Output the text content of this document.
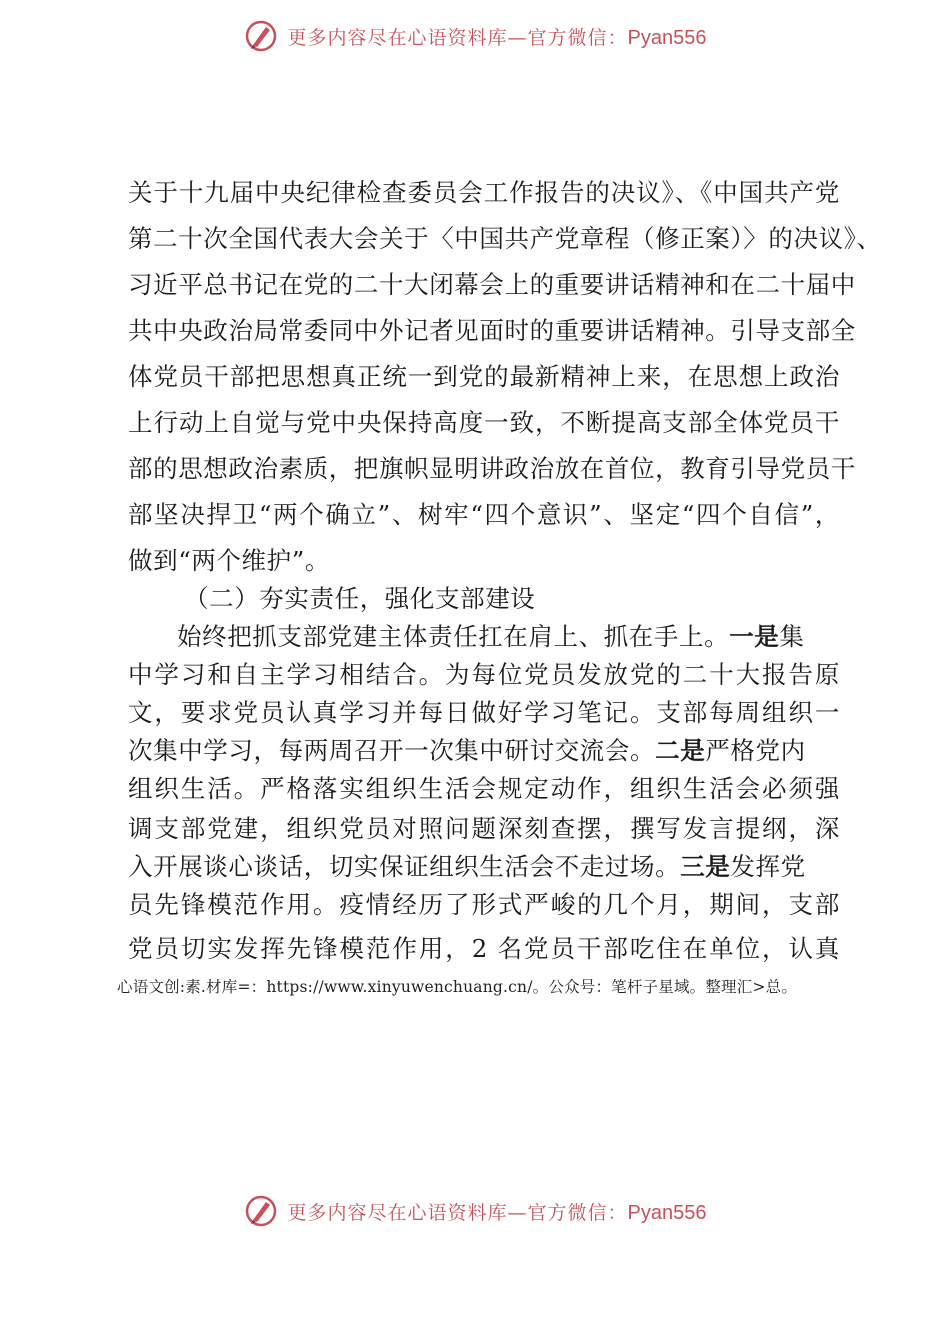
更多内容尽在心语资料库—官方微信：Pyan556
关于十九届中央纪律检查委员会工作报告的决议》、《中国共产党
第二十次全国代表大会关于〈中国共产党章程（修正案）〉的决议》、
习近平总书记在党的二十大闭幕会上的重要讲话精神和在二十届中
共中央政治局常委同中外记者见面时的重要讲话精神。引导支部全
体党员干部把思想真正统一到党的最新精神上来，在思想上政治
上行动上自觉与党中央保持高度一致，不断提高支部全体党员干
部的思想政治素质，把旗帜显明讲政治放在首位，教育引导党员干
部坚决捍卫“两个确立”、树牢“四个意识”、坚定“四个自信”，
做到“两个维护”。
（二）夯实责任，强化支部建设
始终把抓支部党建主体责任扛在肩上、抓在手上。一是集
中学习和自主学习相结合。为每位党员发放党的二十大报告原
文，要求党员认真学习并每日做好学习笔记。支部每周组织一
次集中学习，每两周召开一次集中研讨交流会。二是严格党内
组织生活。严格落实组织生活会规定动作，组织生活会必须强
调支部党建，组织党员对照问题深刻查摆，撰写发言提纲，深
入开展谈心谈话，切实保证组织生活会不走过场。三是发挥党
员先锋模范作用。疫情经历了形式严峻的几个月，期间，支部
党员切实发挥先锋模范作用，2 名党员干部吃住在单位，认真
心语文创:素.材库=：https://www.xinyuwenchuang.cn/。公众号：笔杆子星域。整理汇>总。
更多内容尽在心语资料库—官方微信：Pyan556
